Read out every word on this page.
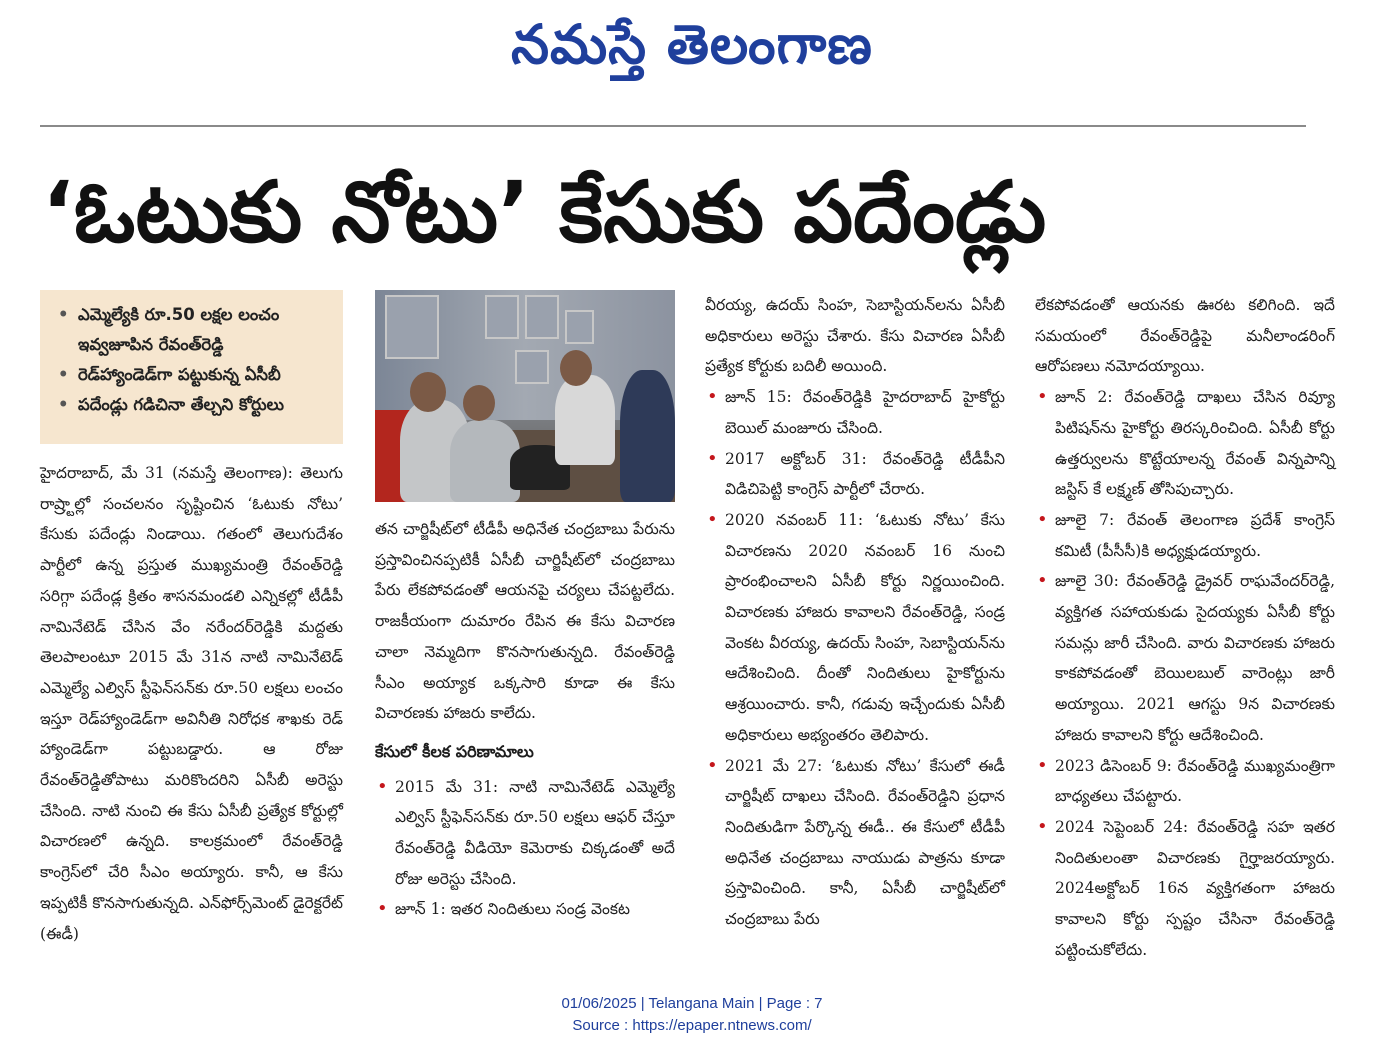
నమస్తే తెలంగాణ
‘ఓటుకు నోటు’ కేసుకు పదేండ్లు
• ఎమ్మెల్యేకి రూ.50 లక్షల లంచం ఇవ్వజూపిన రేవంత్‌రెడ్డి
• రెడ్‌హ్యాండెడ్‌గా పట్టుకున్న ఏసీబీ
• పదేండ్లు గడిచినా తేల్చని కోర్టులు

హైదరాబాద్, మే 31 (నమస్తే తెలంగాణ): తెలుగు రాష్ర్టాల్లో సంచలనం సృష్టించిన ‘ఓటుకు నోటు’ కేసుకు పదేండ్లు నిండాయి. గతంలో తెలుగుదేశం పార్టీలో ఉన్న ప్రస్తుత ముఖ్యమంత్రి రేవంత్‌రెడ్డి సరిగ్గా పదేండ్ల క్రితం శాసనమండలి ఎన్నికల్లో టీడీపీ నామినేటెడ్ చేసిన వేం నరేందర్‌రెడ్డికి మద్దతు తెలపాలంటూ 2015 మే 31న నాటి నామినేటెడ్ ఎమ్మెల్యే ఎల్విస్ స్టీఫెన్‌సన్‌కు రూ.50 లక్షలు లంచం ఇస్తూ రెడ్‌హ్యాండెడ్‌గా అవినీతి నిరోధక శాఖకు రెడ్ హ్యాండెడ్‌గా పట్టుబడ్డారు. ఆ రోజు రేవంత్‌రెడ్డితోపాటు మరికొందరిని ఏసీబీ అరెస్టు చేసింది. నాటి నుంచి ఈ కేసు ఏసీబీ ప్రత్యేక కోర్టుల్లో విచారణలో ఉన్నది. కాలక్రమంలో రేవంత్‌రెడ్డి కాంగ్రెస్‌లో చేరి సీఎం అయ్యారు. కానీ, ఆ కేసు ఇప్పటికీ కొనసాగుతున్నది. ఎన్‌ఫోర్స్‌మెంట్ డైరెక్టరేట్ (ఈడీ)

తన చార్జిషీట్‌లో టీడీపీ అధినేత చంద్రబాబు పేరును ప్రస్తావించినప్పటికీ ఏసీబీ చార్జిషీట్‌లో చంద్రబాబు పేరు లేకపోవడంతో ఆయనపై చర్యలు చేపట్టలేదు. రాజకీయంగా దుమారం రేపిన ఈ కేసు విచారణ చాలా నెమ్మదిగా కొనసాగుతున్నది. రేవంత్‌రెడ్డి సీఎం అయ్యాక ఒక్కసారి కూడా ఈ కేసు విచారణకు హాజరు కాలేదు.

కేసులో కీలక పరిణామాలు

• 2015 మే 31: నాటి నామినేటెడ్ ఎమ్మెల్యే ఎల్విస్ స్టీఫెన్‌సన్‌కు రూ.50 లక్షలు ఆఫర్ చేస్తూ రేవంత్‌రెడ్డి వీడియో కెమెరాకు చిక్కడంతో అదే రోజు అరెస్టు చేసింది.

• జూన్ 1: ఇతర నిందితులు సండ్ర వెంకట

వీరయ్య, ఉదయ్ సింహ, సెబాస్టియన్‌లను ఏసీబీ అధికారులు అరెస్టు చేశారు. కేసు విచారణ ఏసీబీ ప్రత్యేక కోర్టుకు బదిలీ అయింది.

• జూన్ 15: రేవంత్‌రెడ్డికి హైదరాబాద్ హైకోర్టు బెయిల్ మంజూరు చేసింది.

• 2017 అక్టోబర్ 31: రేవంత్‌రెడ్డి టీడీపీని విడిచిపెట్టి కాంగ్రెస్ పార్టీలో చేరారు.

• 2020 నవంబర్ 11: ‘ఓటుకు నోటు’ కేసు విచారణను 2020 నవంబర్ 16 నుంచి ప్రారంభించాలని ఏసీబీ కోర్టు నిర్ణయించింది. విచారణకు హాజరు కావాలని రేవంత్‌రెడ్డి, సండ్ర వెంకట వీరయ్య, ఉదయ్ సింహ, సెబాస్టియన్‌ను ఆదేశించింది. దీంతో నిందితులు హైకోర్టును ఆశ్రయించారు. కానీ, గడువు ఇచ్చేందుకు ఏసీబీ అధికారులు అభ్యంతరం తెలిపారు.

• 2021 మే 27: ‘ఓటుకు నోటు’ కేసులో ఈడీ చార్జిషీట్ దాఖలు చేసింది. రేవంత్‌రెడ్డిని ప్రధాన నిందితుడిగా పేర్కొన్న ఈడీ.. ఈ కేసులో టీడీపీ అధినేత చంద్రబాబు నాయుడు పాత్రను కూడా ప్రస్తావించింది. కానీ, ఏసీబీ చార్జిషీట్‌లో చంద్రబాబు పేరు

లేకపోవడంతో ఆయనకు ఊరట కలిగింది. ఇదే సమయంలో రేవంత్‌రెడ్డిపై మనీలాండరింగ్ ఆరోపణలు నమోదయ్యాయి.

• జూన్ 2: రేవంత్‌రెడ్డి దాఖలు చేసిన రివ్యూ పిటిషన్‌ను హైకోర్టు తిరస్కరించింది. ఏసీబీ కోర్టు ఉత్తర్వులను కొట్టేయాలన్న రేవంత్ విన్నపాన్ని జస్టిస్ కే లక్ష్మణ్ తోసిపుచ్చారు.

• జూలై 7: రేవంత్ తెలంగాణ ప్రదేశ్ కాంగ్రెస్ కమిటీ (పీసీసీ)కి అధ్యక్షుడయ్యారు.

• జూలై 30: రేవంత్‌రెడ్డి డ్రైవర్ రాఘవేందర్‌రెడ్డి, వ్యక్తిగత సహాయకుడు సైదయ్యకు ఏసీబీ కోర్టు సమన్లు జారీ చేసింది. వారు విచారణకు హాజరు కాకపోవడంతో బెయిలబుల్ వారెంట్లు జారీ అయ్యాయి. 2021 ఆగస్టు 9న విచారణకు హాజరు కావాలని కోర్టు ఆదేశించింది.

• 2023 డిసెంబర్ 9: రేవంత్‌రెడ్డి ముఖ్యమంత్రిగా బాధ్యతలు చేపట్టారు.

• 2024 సెప్టెంబర్ 24: రేవంత్‌రెడ్డి సహ ఇతర నిందితులంతా విచారణకు గైర్హాజరయ్యారు. 2024అక్టోబర్ 16న వ్యక్తిగతంగా హాజరు కావాలని కోర్టు స్పష్టం చేసినా రేవంత్‌రెడ్డి పట్టించుకోలేదు.

01/06/2025 | Telangana Main | Page : 7
Source : https://epaper.ntnews.com/
